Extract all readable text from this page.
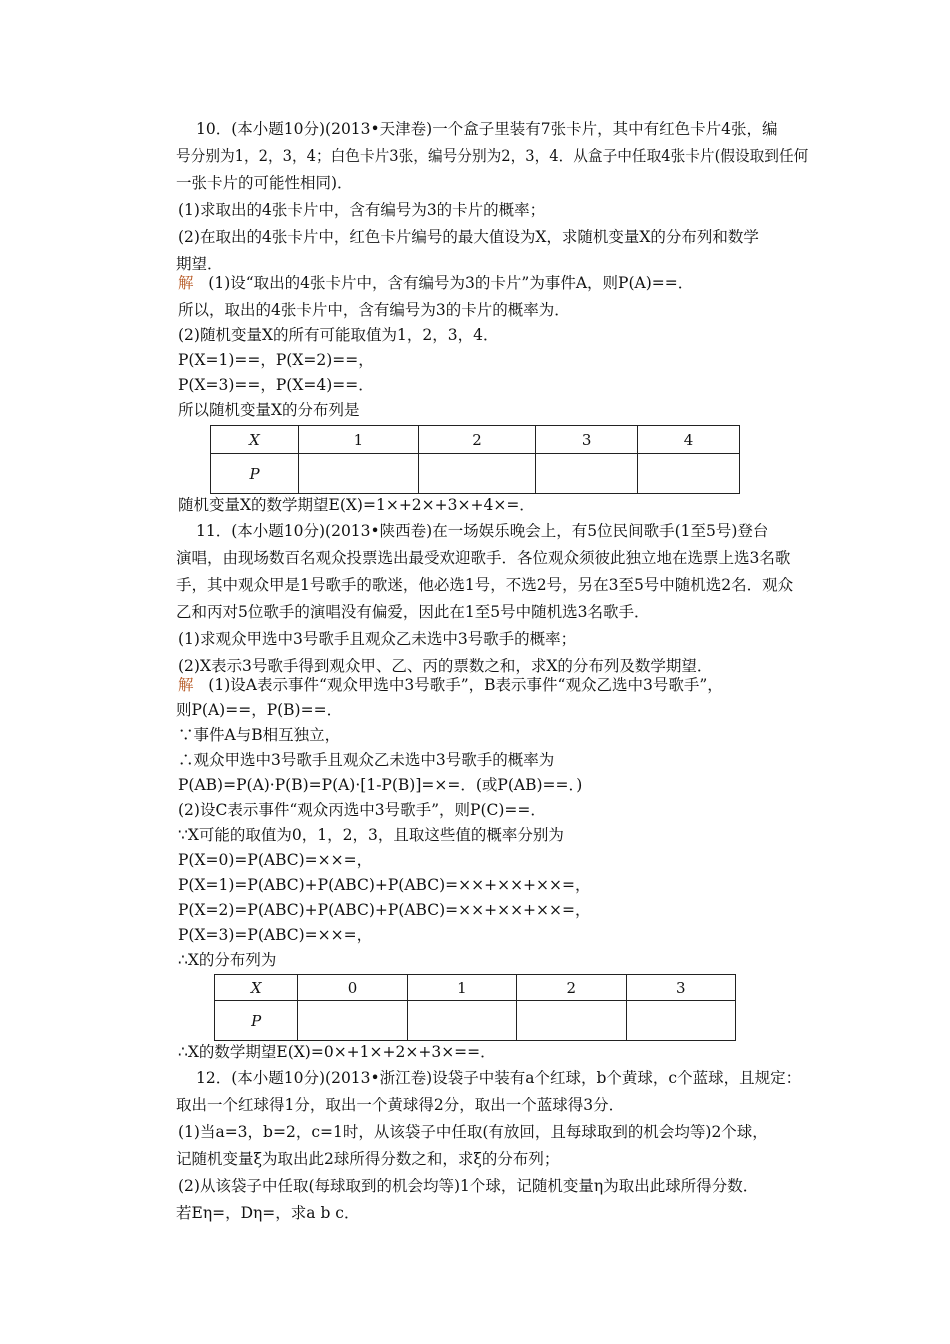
10．(本小题10分)(2013•天津卷)一个盒子里装有7张卡片，其中有红色卡片4张，编
号分别为1，2，3，4；白色卡片3张，编号分别为2，3，4．从盒子中任取4张卡片(假设取到任何
一张卡片的可能性相同)．
(1)求取出的4张卡片中，含有编号为3的卡片的概率；
(2)在取出的4张卡片中，红色卡片编号的最大值设为X，求随机变量X的分布列和数学
期望．
解 (1)设“取出的4张卡片中，含有编号为3的卡片”为事件A，则P(A)==．
所以，取出的4张卡片中，含有编号为3的卡片的概率为．
(2)随机变量X的所有可能取值为1，2，3，4．
P(X=1)==，P(X=2)==，
P(X=3)==，P(X=4)==．
所以随机变量X的分布列是
X	1	2	3	4
P				
随机变量X的数学期望E(X)=1×+2×+3×+4×=．
11．(本小题10分)(2013•陕西卷)在一场娱乐晚会上，有5位民间歌手(1至5号)登台
演唱，由现场数百名观众投票选出最受欢迎歌手．各位观众须彼此独立地在选票上选3名歌
手，其中观众甲是1号歌手的歌迷，他必选1号，不选2号，另在3至5号中随机选2名．观众
乙和丙对5位歌手的演唱没有偏爱，因此在1至5号中随机选3名歌手．
(1)求观众甲选中3号歌手且观众乙未选中3号歌手的概率；
(2)X表示3号歌手得到观众甲、乙、丙的票数之和，求X的分布列及数学期望．
解 (1)设A表示事件“观众甲选中3号歌手”，B表示事件“观众乙选中3号歌手”，
则P(A)==，P(B)==．
∵事件A与B相互独立，
∴观众甲选中3号歌手且观众乙未选中3号歌手的概率为
P(AB)=P(A)·P(B)=P(A)·[1-P(B)]=×=．(或P(AB)==．)
(2)设C表示事件“观众丙选中3号歌手”，则P(C)==．
∵X可能的取值为0，1，2，3，且取这些值的概率分别为
P(X=0)=P(ABC)=××=，
P(X=1)=P(ABC)+P(ABC)+P(ABC)=××+××+××=，
P(X=2)=P(ABC)+P(ABC)+P(ABC)=××+××+××=，
P(X=3)=P(ABC)=××=，
∴X的分布列为
X	0	1	2	3
P				
∴X的数学期望E(X)=0×+1×+2×+3×==．
12．(本小题10分)(2013•浙江卷)设袋子中装有a个红球，b个黄球，c个蓝球，且规定：
取出一个红球得1分，取出一个黄球得2分，取出一个蓝球得3分．
(1)当a=3，b=2，c=1时，从该袋子中任取(有放回，且每球取到的机会均等)2个球，
记随机变量ξ为取出此2球所得分数之和，求ξ的分布列；
(2)从该袋子中任取(每球取到的机会均等)1个球，记随机变量η为取出此球所得分数．
若Eη=，Dη=，求a b c．
